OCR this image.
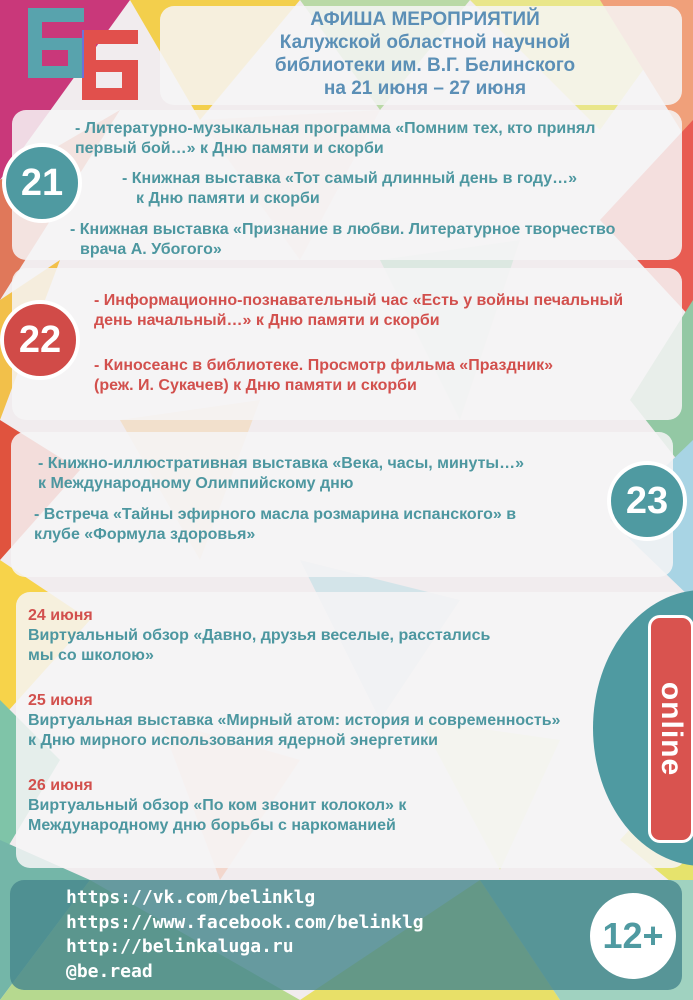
АФИША МЕРОПРИЯТИЙ
Калужской областной научной
библиотеки им. В.Г. Белинского
на 21 июня – 27 июня
21
- Литературно-музыкальная программа «Помним тех, кто принял
первый бой…» к Дню памяти и скорби
- Книжная выставка «Тот самый длинный день в году…»
к Дню памяти и скорби
- Книжная выставка «Признание в любви. Литературное творчество
врача А. Убогого»
22
- Информационно-познавательный час «Есть у войны печальный
день начальный…» к Дню памяти и скорби
- Киносеанс в библиотеке. Просмотр фильма «Праздник»
(реж. И. Сукачев) к Дню памяти и скорби
23
- Книжно-иллюстративная выставка «Века, часы, минуты…»
к Международному Олимпийскому дню
- Встреча «Тайны эфирного масла розмарина испанского» в
клубе «Формула здоровья»
online
24 июня
Виртуальный обзор «Давно, друзья веселые, расстались
мы со школою»
25 июня
Виртуальная выставка «Мирный атом: история и современность»
к Дню мирного использования ядерной энергетики
26 июня
Виртуальный обзор «По ком звонит колокол» к
Международному дню борьбы с наркоманией
https://vk.com/belinklg
https://www.facebook.com/belinklg
http://belinkaluga.ru
@be.read
12+
